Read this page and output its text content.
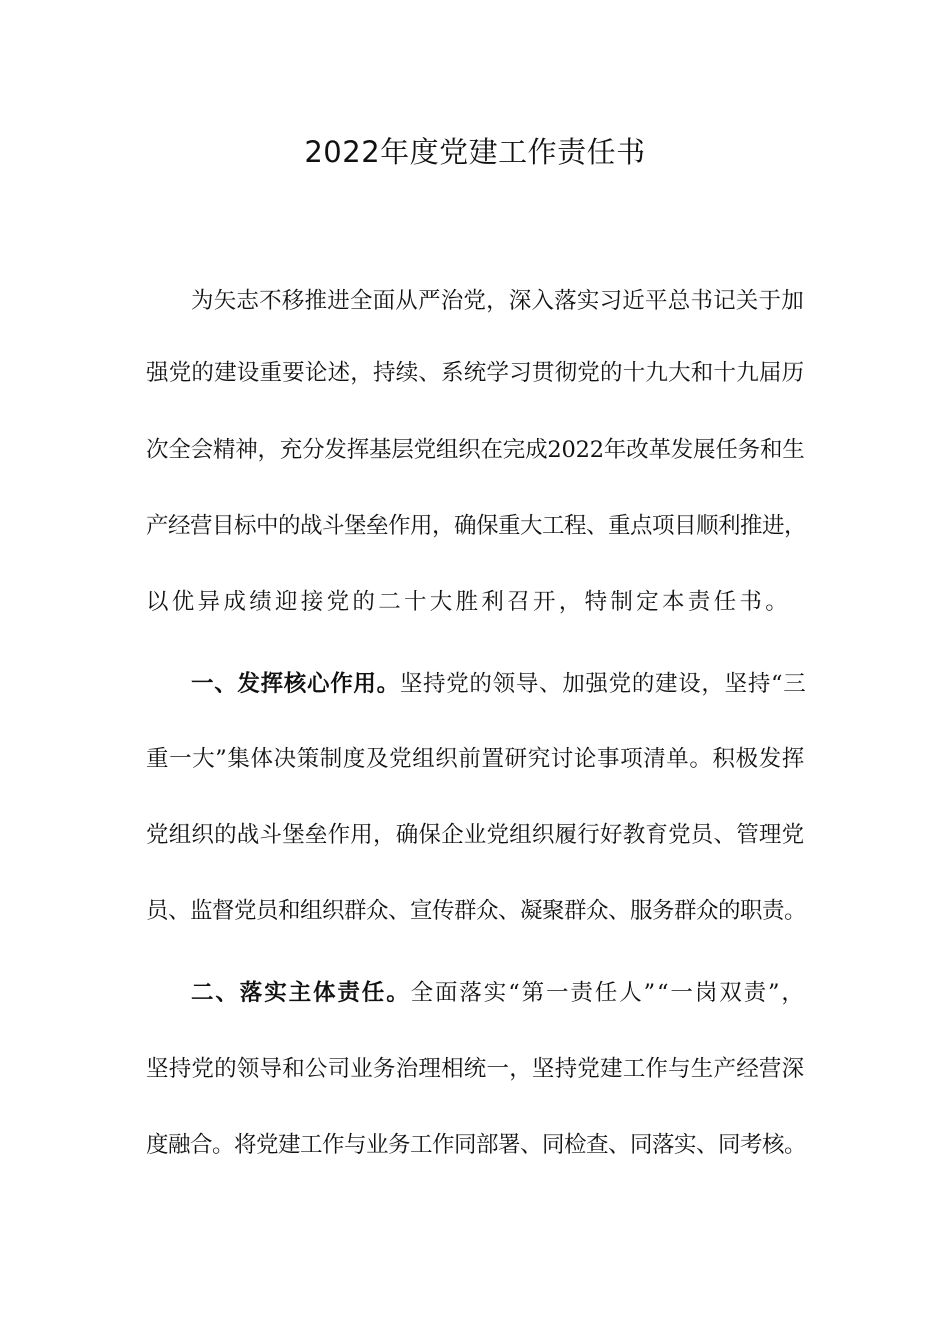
2022年度党建工作责任书
为矢志不移推进全面从严治党，深入落实习近平总书记关于加
强党的建设重要论述，持续、系统学习贯彻党的十九大和十九届历
次全会精神，充分发挥基层党组织在完成2022年改革发展任务和生
产经营目标中的战斗堡垒作用，确保重大工程、重点项目顺利推进，
以优异成绩迎接党的二十大胜利召开，特制定本责任书。
一、发挥核心作用。坚持党的领导、加强党的建设，坚持“三
重一大”集体决策制度及党组织前置研究讨论事项清单。积极发挥
党组织的战斗堡垒作用，确保企业党组织履行好教育党员、管理党
员、监督党员和组织群众、宣传群众、凝聚群众、服务群众的职责。
二、落实主体责任。全面落实“第一责任人”“一岗双责”，
坚持党的领导和公司业务治理相统一，坚持党建工作与生产经营深
度融合。将党建工作与业务工作同部署、同检查、同落实、同考核。
